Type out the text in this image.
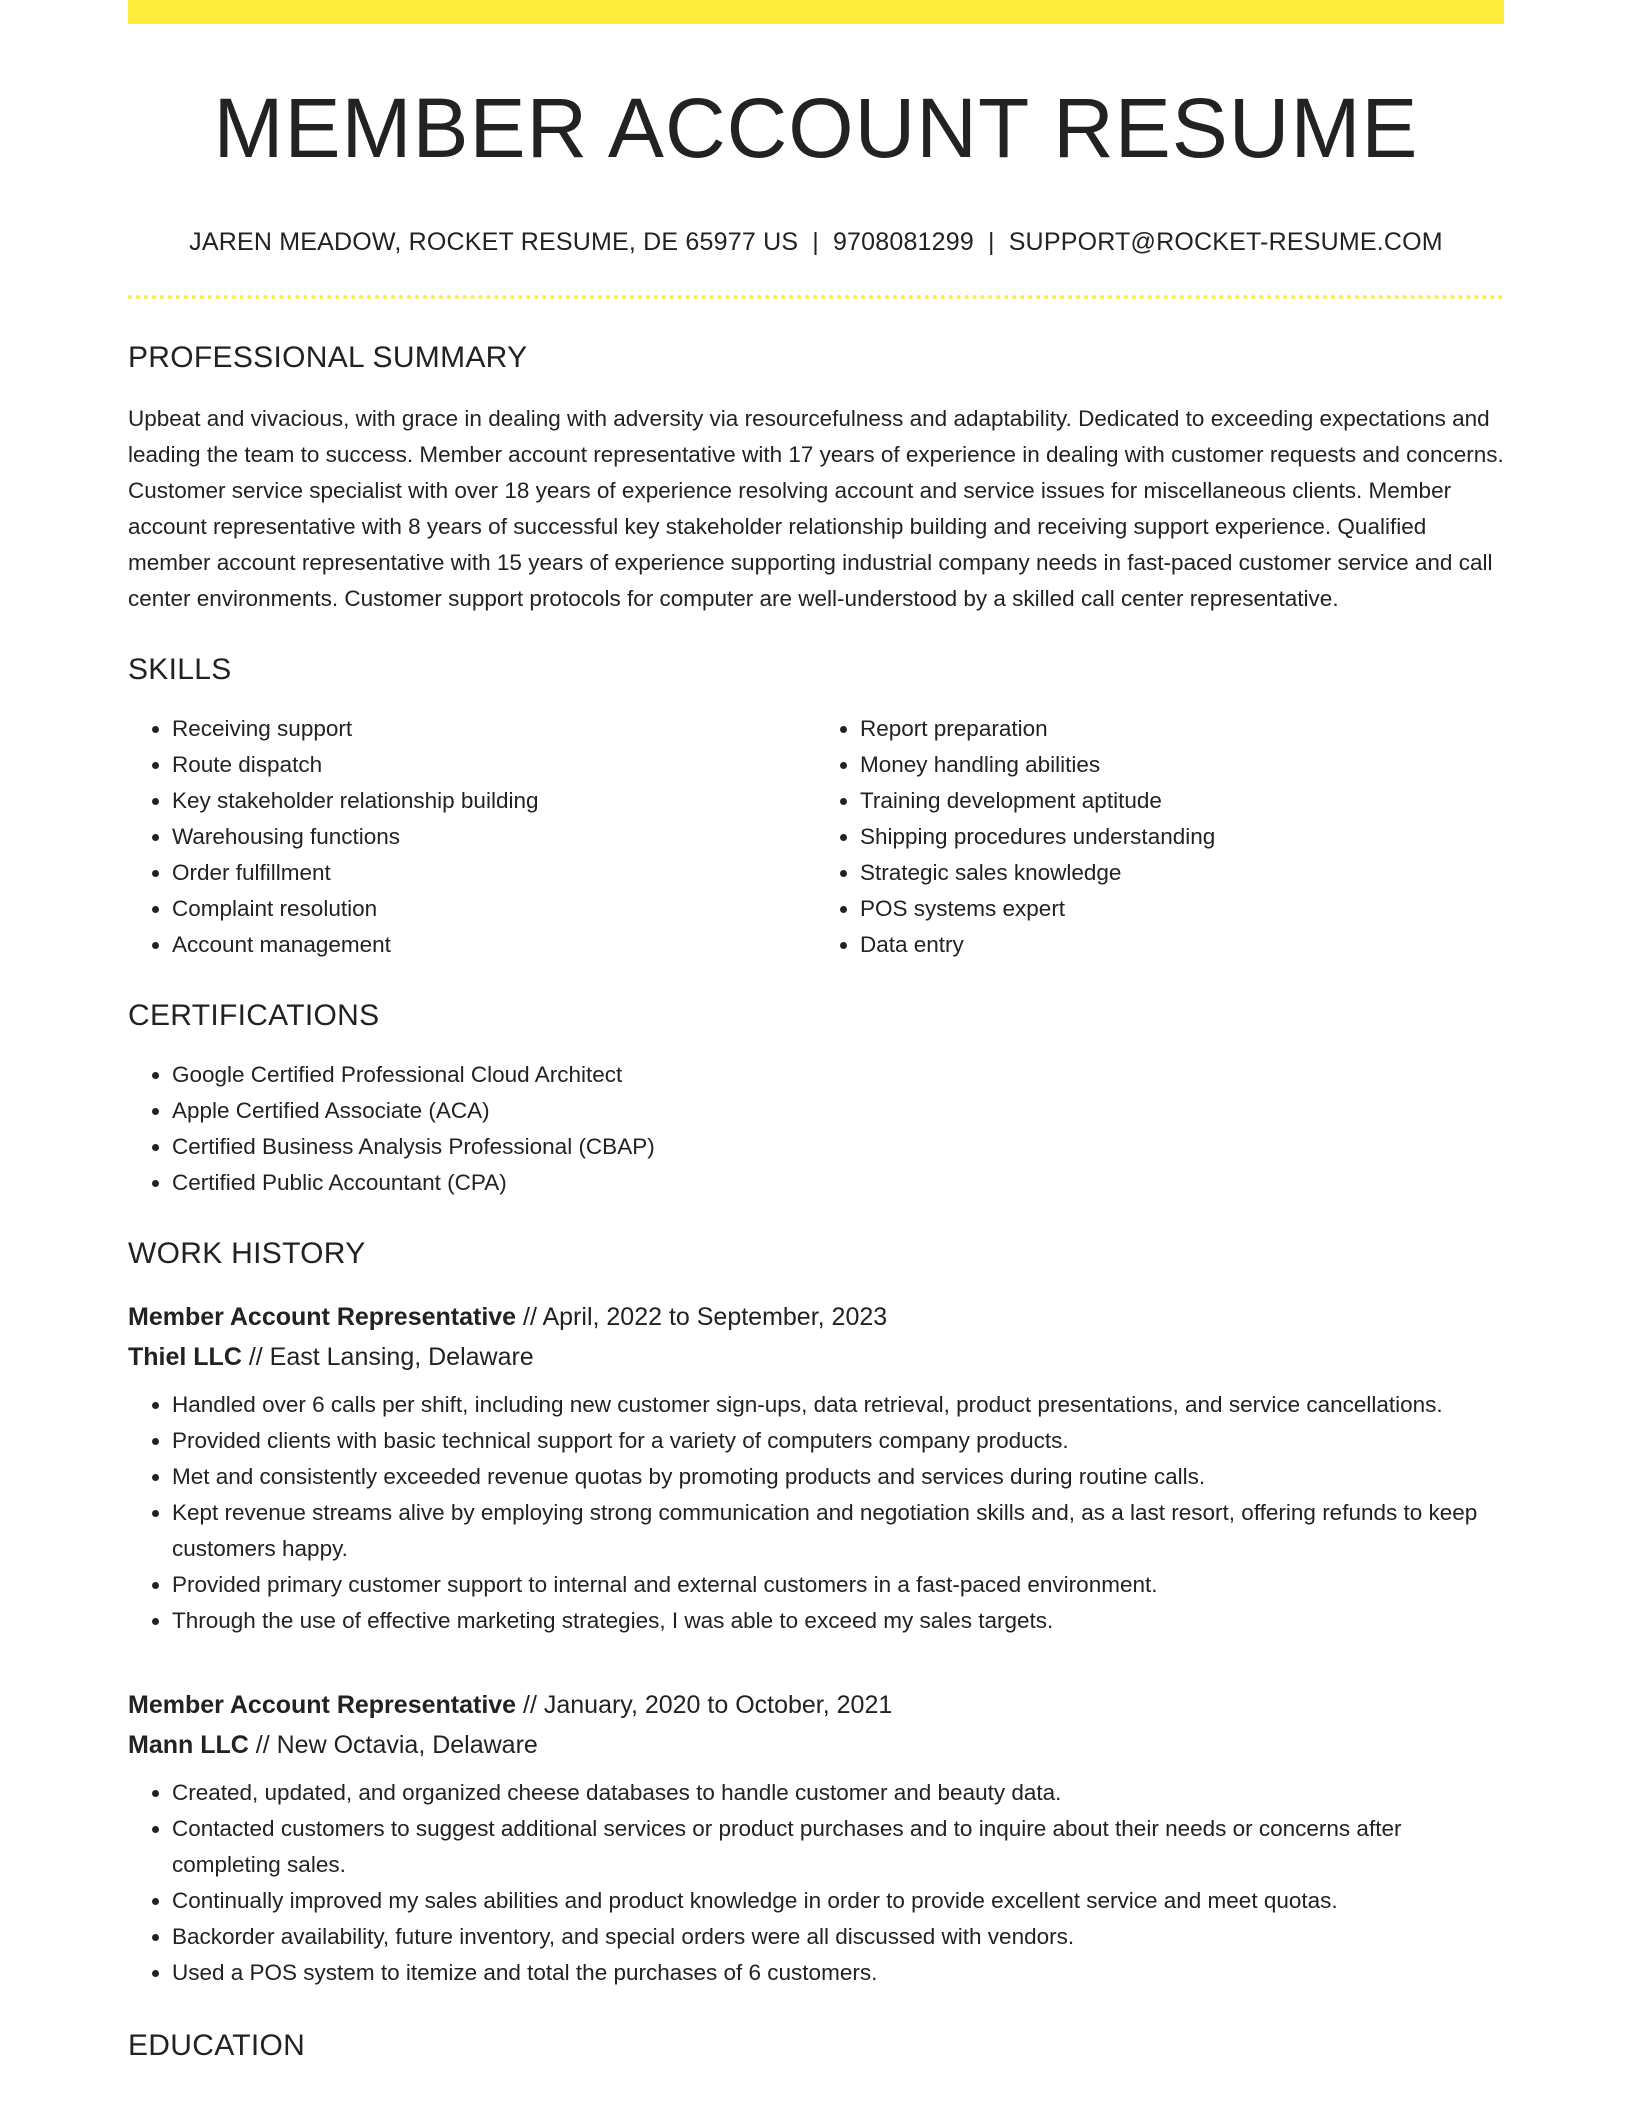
MEMBER ACCOUNT RESUME
JAREN MEADOW, ROCKET RESUME, DE 65977 US | 9708081299 | SUPPORT@ROCKET-RESUME.COM
PROFESSIONAL SUMMARY

Upbeat and vivacious, with grace in dealing with adversity via resourcefulness and adaptability. Dedicated to exceeding expectations and leading the team to success. Member account representative with 17 years of experience in dealing with customer requests and concerns. Customer service specialist with over 18 years of experience resolving account and service issues for miscellaneous clients. Member account representative with 8 years of successful key stakeholder relationship building and receiving support experience. Qualified member account representative with 15 years of experience supporting industrial company needs in fast-paced customer service and call center environments. Customer support protocols for computer are well-understood by a skilled call center representative.

SKILLS
• Receiving support
• Route dispatch
• Key stakeholder relationship building
• Warehousing functions
• Order fulfillment
• Complaint resolution
• Account management
• Report preparation
• Money handling abilities
• Training development aptitude
• Shipping procedures understanding
• Strategic sales knowledge
• POS systems expert
• Data entry
CERTIFICATIONS
• Google Certified Professional Cloud Architect
• Apple Certified Associate (ACA)
• Certified Business Analysis Professional (CBAP)
• Certified Public Accountant (CPA)
WORK HISTORY
Member Account Representative // April, 2022 to September, 2023
Thiel LLC // East Lansing, Delaware
• Handled over 6 calls per shift, including new customer sign-ups, data retrieval, product presentations, and service cancellations.
• Provided clients with basic technical support for a variety of computers company products.
• Met and consistently exceeded revenue quotas by promoting products and services during routine calls.
• Kept revenue streams alive by employing strong communication and negotiation skills and, as a last resort, offering refunds to keep customers happy.
• Provided primary customer support to internal and external customers in a fast-paced environment.
• Through the use of effective marketing strategies, I was able to exceed my sales targets.
Member Account Representative // January, 2020 to October, 2021
Mann LLC // New Octavia, Delaware
• Created, updated, and organized cheese databases to handle customer and beauty data.
• Contacted customers to suggest additional services or product purchases and to inquire about their needs or concerns after completing sales.
• Continually improved my sales abilities and product knowledge in order to provide excellent service and meet quotas.
• Backorder availability, future inventory, and special orders were all discussed with vendors.
• Used a POS system to itemize and total the purchases of 6 customers.
EDUCATION
